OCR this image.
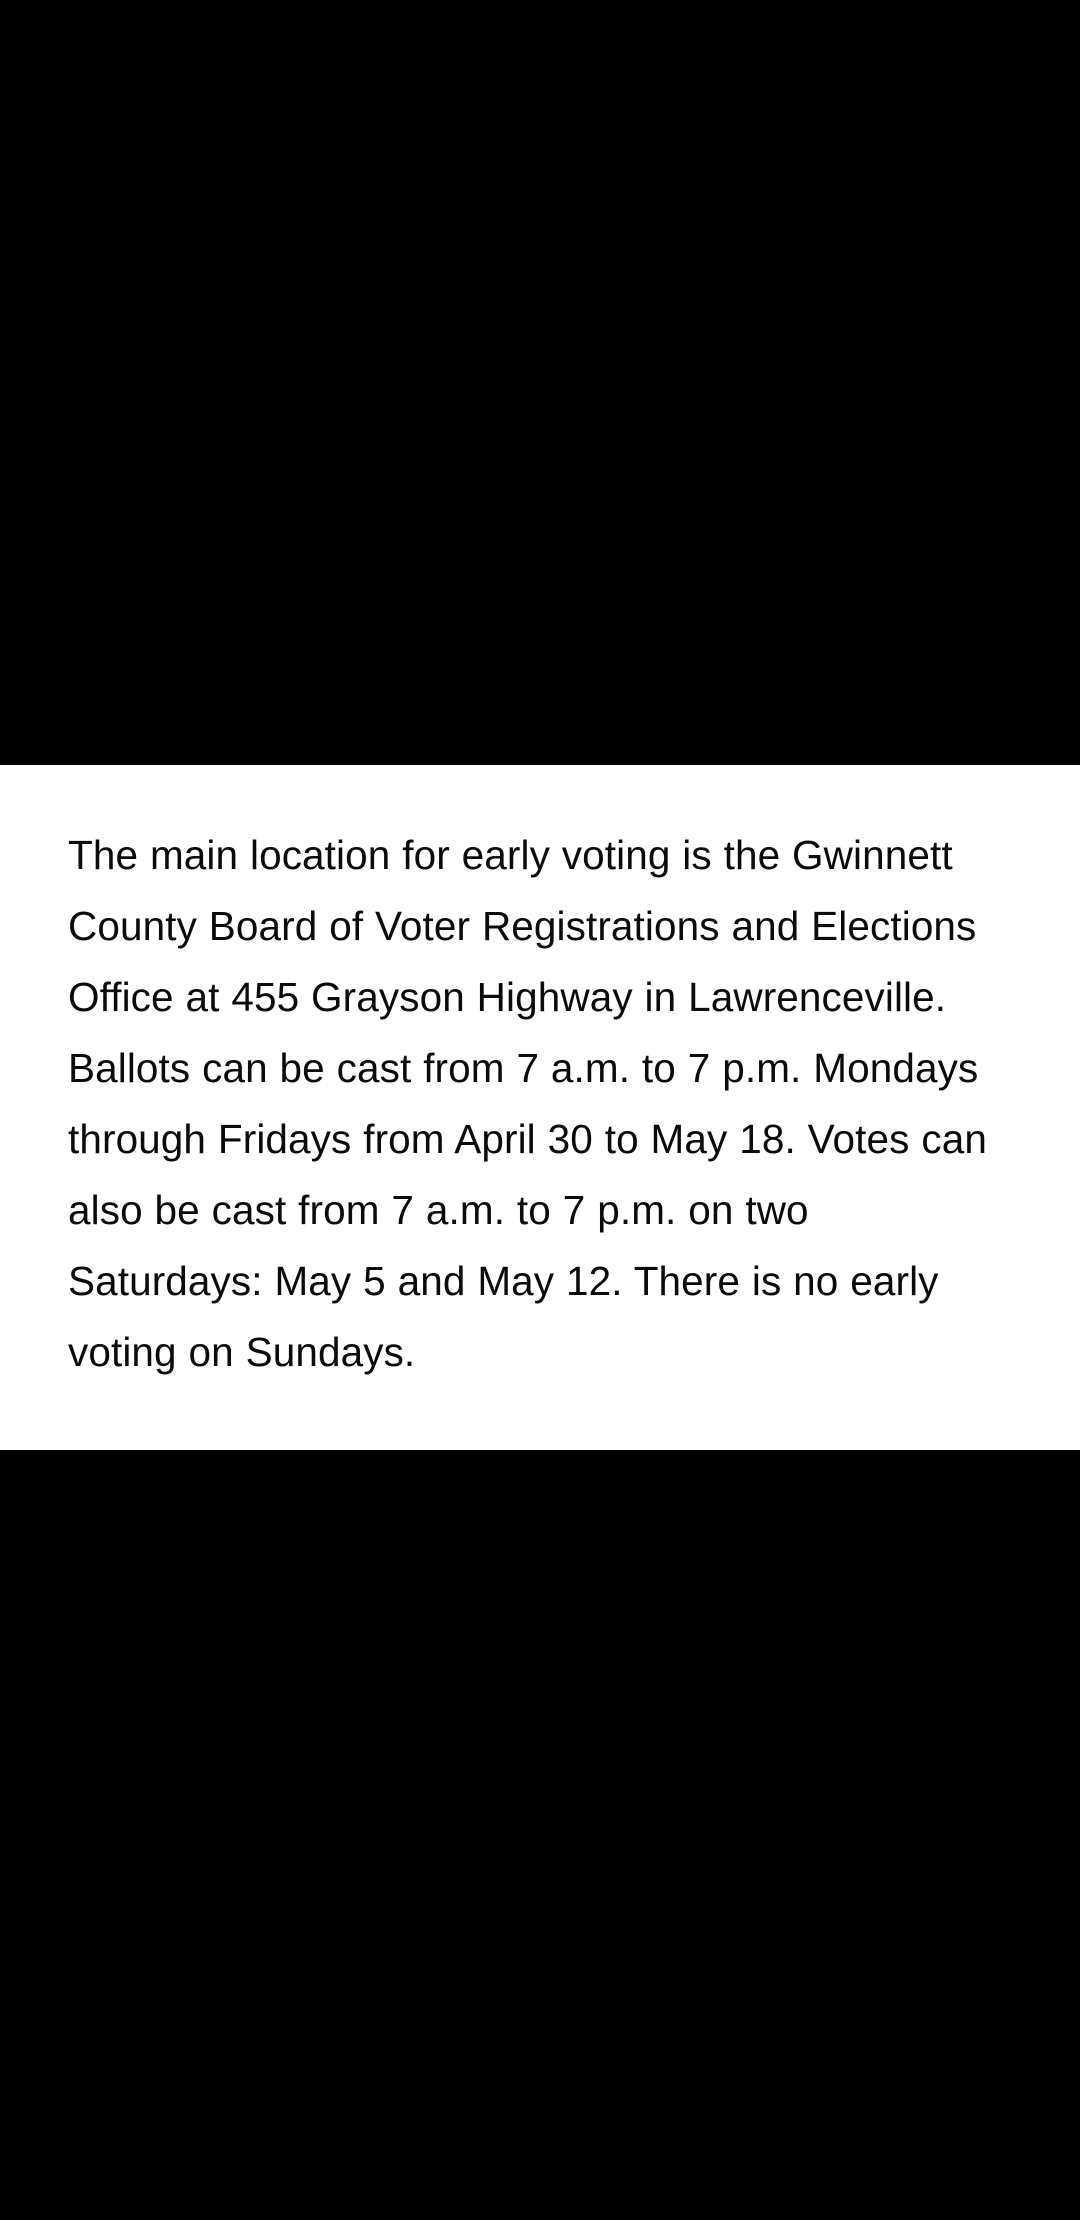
The main location for early voting is the Gwinnett County Board of Voter Registrations and Elections Office at 455 Grayson Highway in Lawrenceville. Ballots can be cast from 7 a.m. to 7 p.m. Mondays through Fridays from April 30 to May 18. Votes can also be cast from 7 a.m. to 7 p.m. on two Saturdays: May 5 and May 12. There is no early voting on Sundays.
